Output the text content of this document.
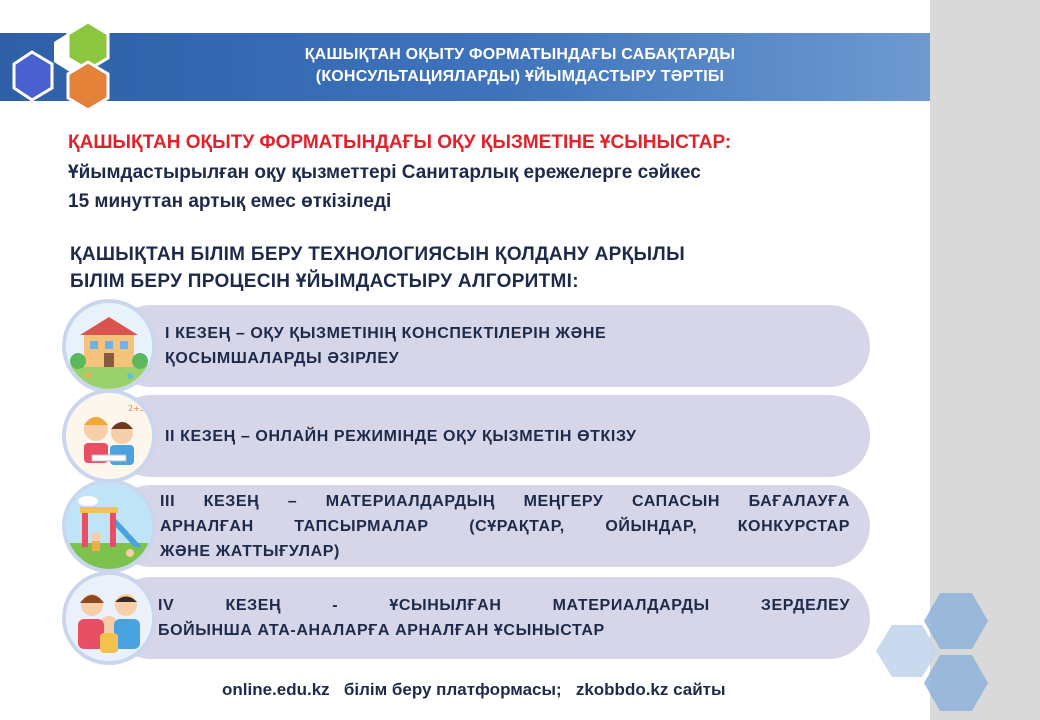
ҚАШЫҚТАН ОҚЫТУ ФОРМАТЫНДАҒЫ САБАҚТАРДЫ
(КОНСУЛЬТАЦИЯЛАРДЫ) ҰЙЫМДАСТЫРУ ТӘРТІБІ
ҚАШЫҚТАН ОҚЫТУ ФОРМАТЫНДАҒЫ ОҚУ ҚЫЗМЕТІНЕ ҰСЫНЫСТАР:
Ұйымдастырылған оқу қызметтері Санитарлық ережелерге сәйкес
15 минуттан артық емес өткізіледі
ҚАШЫҚТАН БІЛІМ БЕРУ ТЕХНОЛОГИЯСЫН ҚОЛДАНУ АРҚЫЛЫ
БІЛІМ БЕРУ ПРОЦЕСІН ҰЙЫМДАСТЫРУ АЛГОРИТМІ:
І КЕЗЕҢ – ОҚУ ҚЫЗМЕТІНІҢ КОНСПЕКТІЛЕРІН ЖӘНЕ
ҚОСЫМШАЛАРДЫ ӘЗІРЛЕУ
ІІ КЕЗЕҢ – ОНЛАЙН РЕЖИМІНДЕ ОҚУ ҚЫЗМЕТІН ӨТКІЗУ
2+3
ІІІ КЕЗЕҢ – МАТЕРИАЛДАРДЫҢ МЕҢГЕРУ САПАСЫН БАҒАЛАУҒА
АРНАЛҒАН ТАПСЫРМАЛАР (СҰРАҚТАР, ОЙЫНДАР, КОНКУРСТАР
ЖӘНЕ ЖАТТЫҒУЛАР)
IV КЕЗЕҢ - ҰСЫНЫЛҒАН МАТЕРИАЛДАРДЫ ЗЕРДЕЛЕУ
БОЙЫНША АТА-АНАЛАРҒА АРНАЛҒАН ҰСЫНЫСТАР
online.edu.kz   білім беру платформасы;   zkobbdo.kz сайты
